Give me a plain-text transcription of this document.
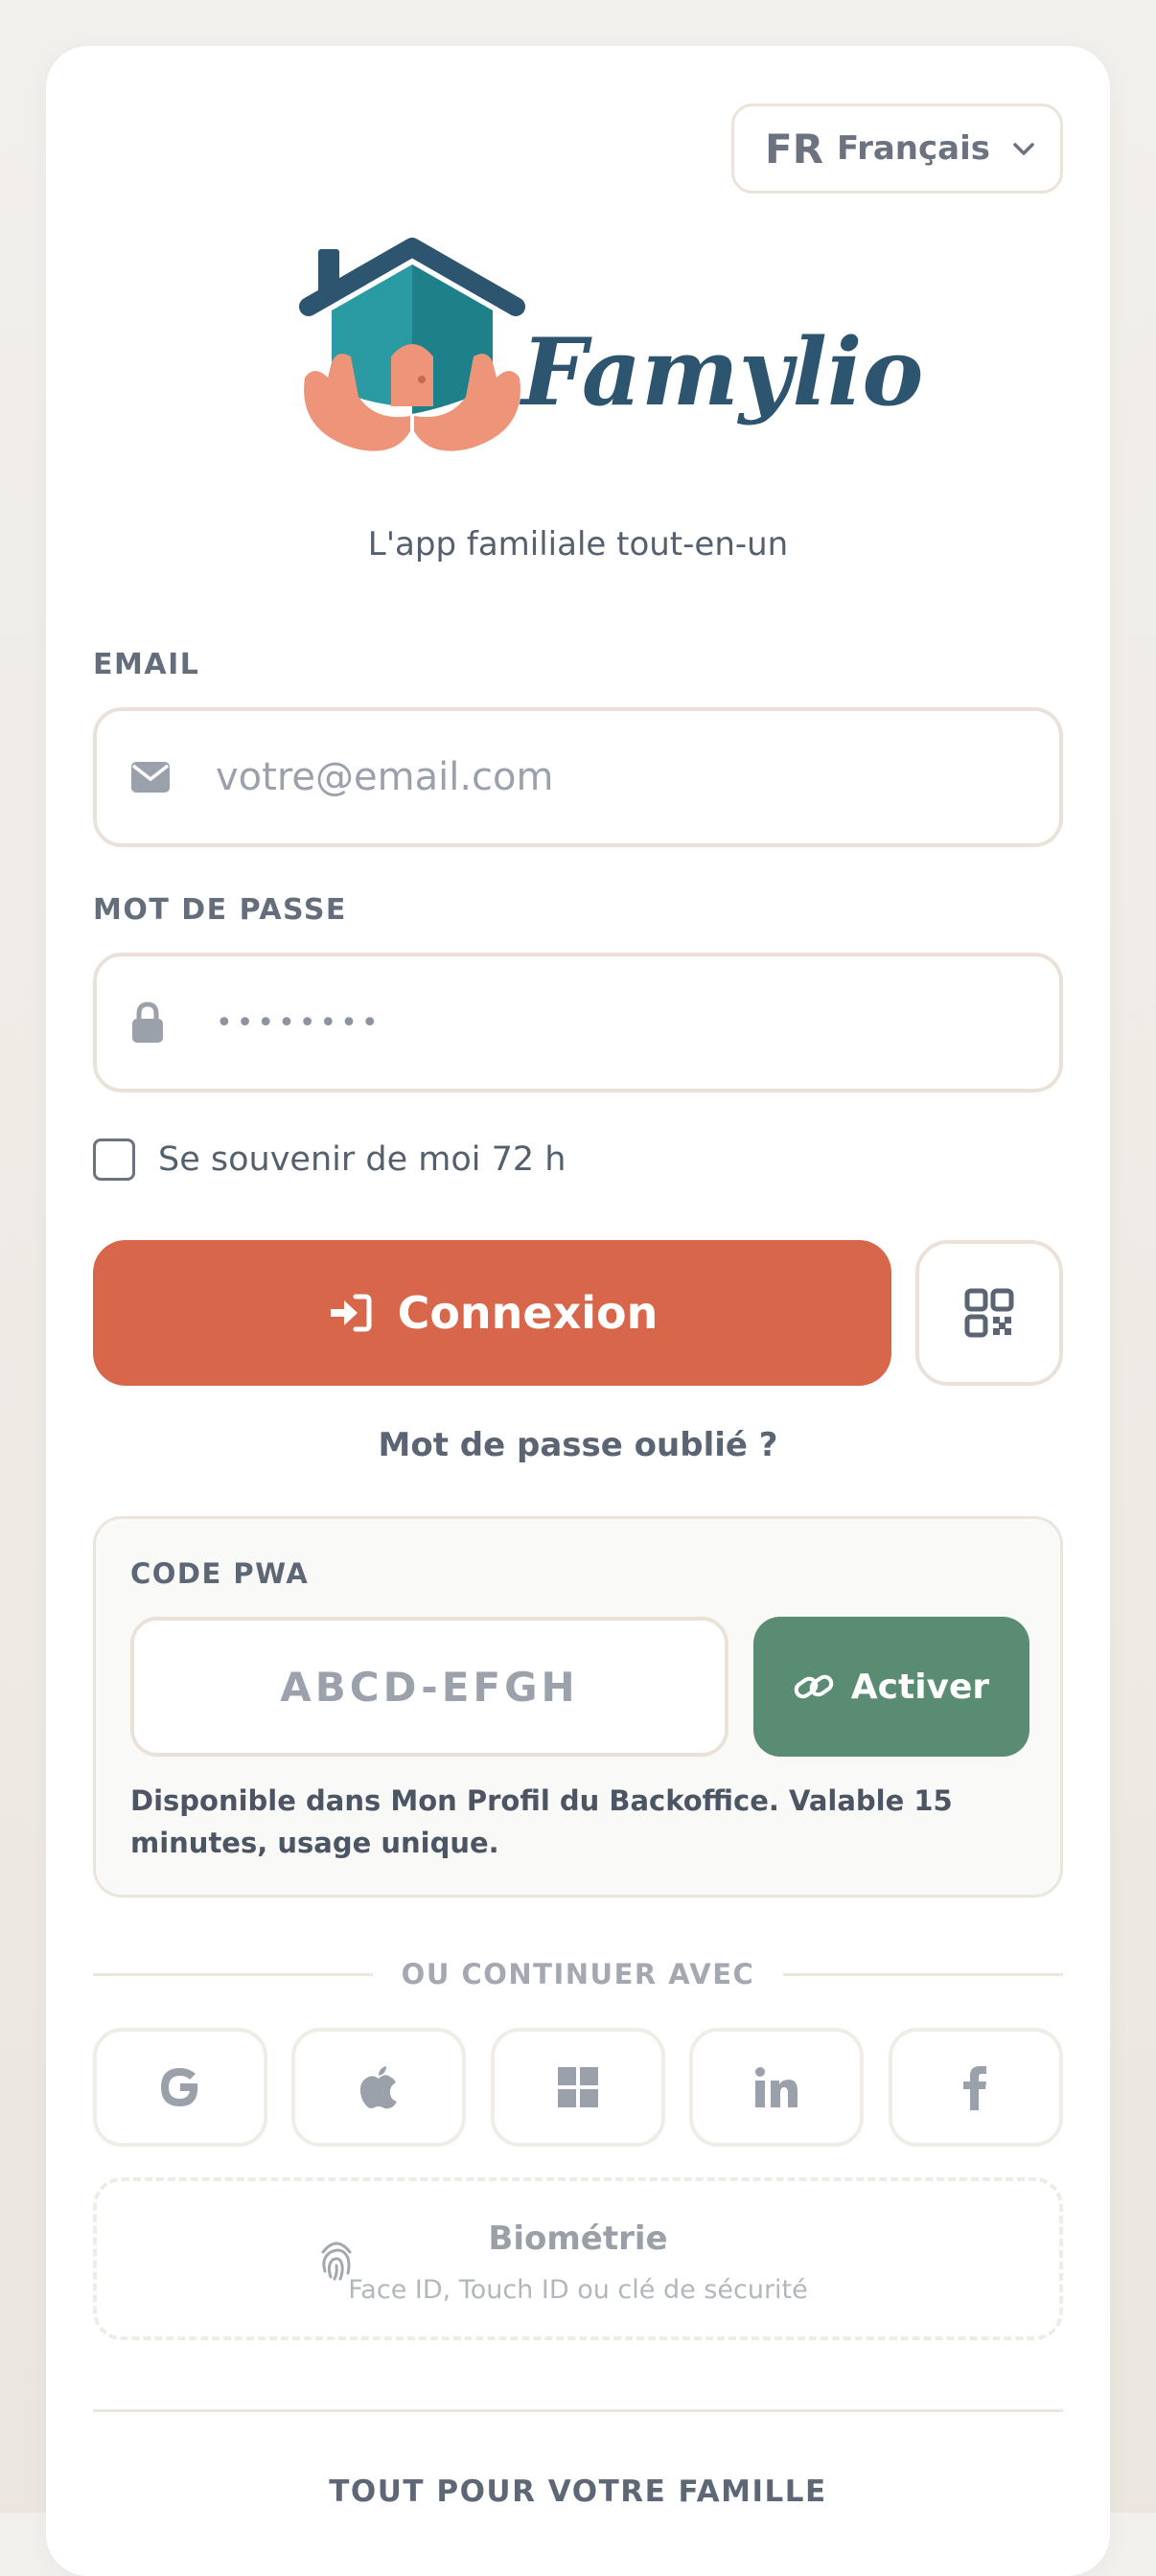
FR Français
Famylio
L'app familiale tout-en-un
EMAIL
votre@email.com
MOT DE PASSE
••••••••
Se souvenir de moi 72 h
Connexion
Mot de passe oublié ?
CODE PWA
ABCD-EFGH	Activer
Disponible dans Mon Profil du Backoffice. Valable 15 minutes, usage unique.
OU CONTINUER AVEC
Biométrie
Face ID, Touch ID ou clé de sécurité
TOUT POUR VOTRE FAMILLE
